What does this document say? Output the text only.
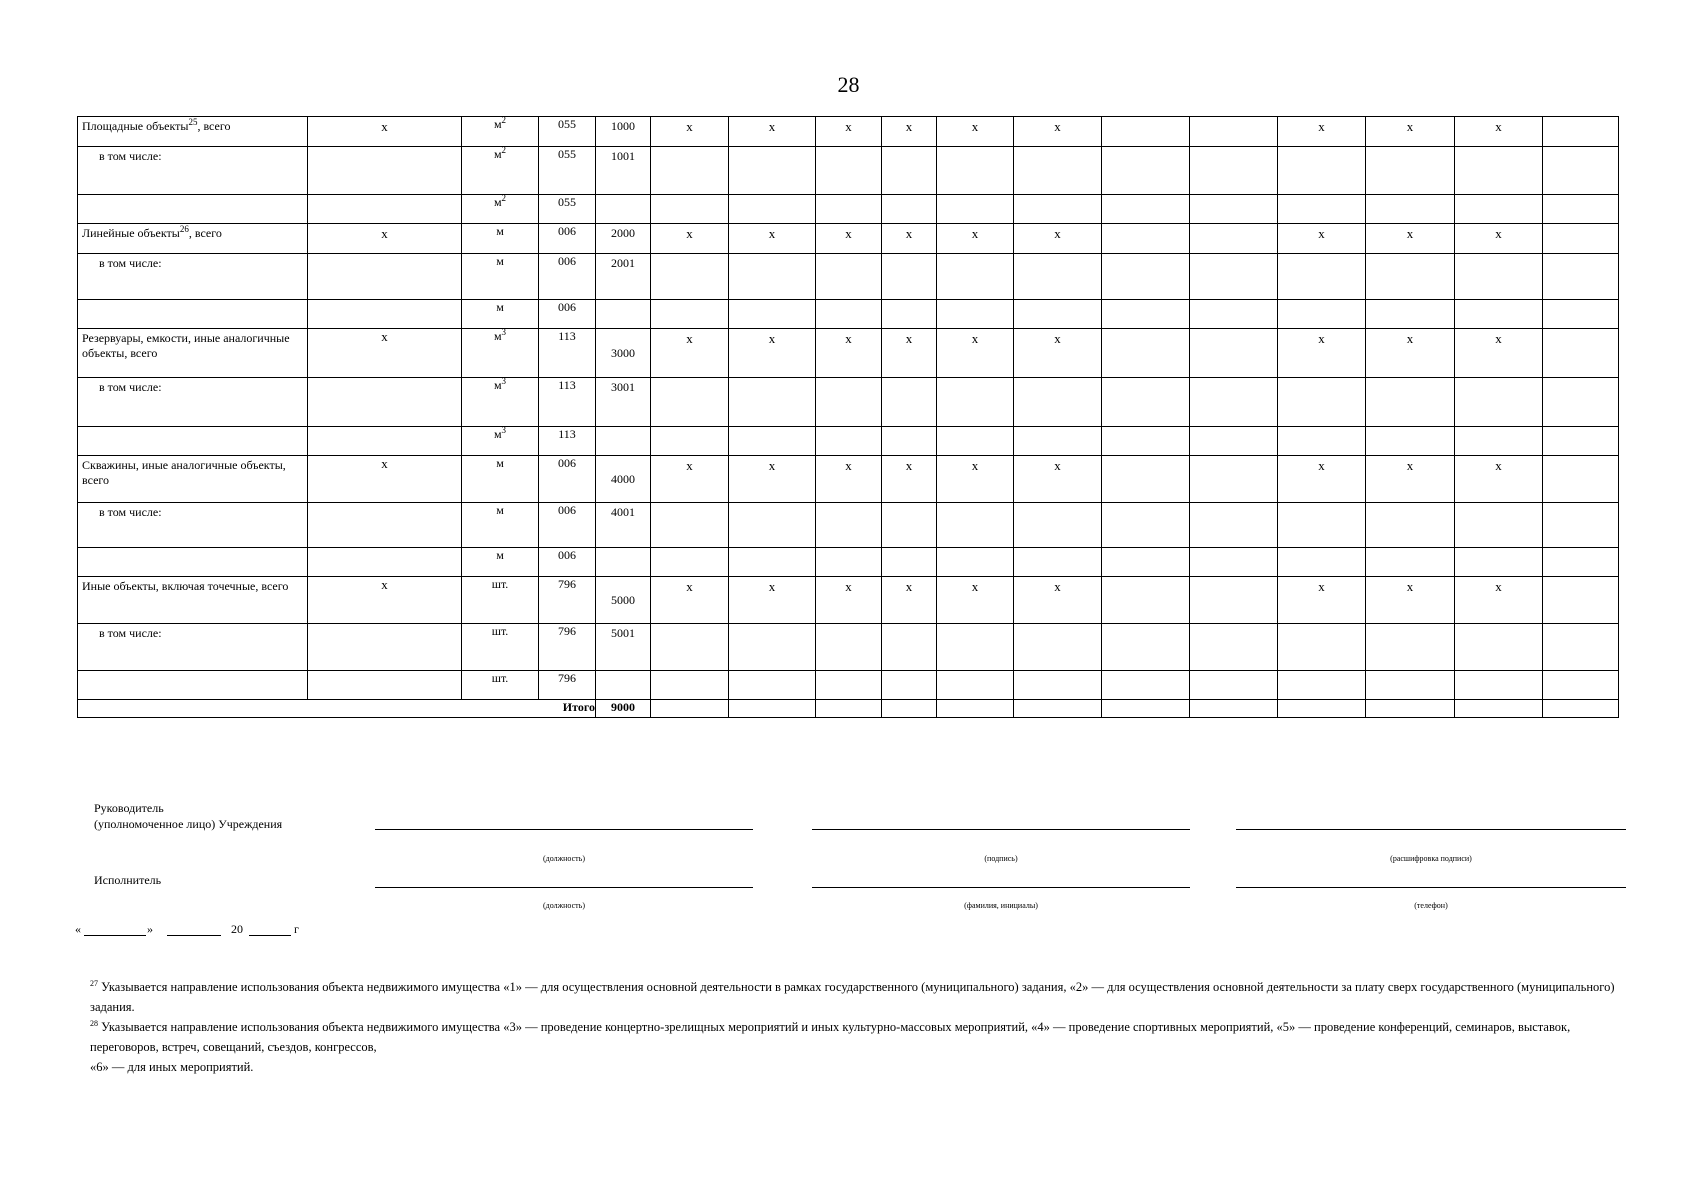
28
Площадные объекты$^{25}$, всего	х	$м^2$	055	1000	х	х	х	х	х	х			х	х	х	

в том числе:		$м^2$	055	1001												

		$м^2$	055													

Линейные объекты$^{26}$, всего	х	м	006	2000	х	х	х	х	х	х			х	х	х	

в том числе:		м	006	2001												

		м	006													

Резервуары, емкости, иные аналогичные объекты, всего	х	$м^3$	113	3000	х	х	х	х	х	х			х	х	х	

в том числе:		$м^3$	113	3001												

		$м^3$	113													

Скважины, иные аналогичные объекты, всего	х	м	006	4000	х	х	х	х	х	х			х	х	х	

в том числе:		м	006	4001												

		м	006													

Иные объекты, включая точечные, всего	х	шт.	796	5000	х	х	х	х	х	х			х	х	х	

в том числе:		шт.	796	5001												

		шт.	796													

Итого				9000												
Руководитель
(уполномоченное лицо) Учреждения
(должность)	(подпись)	(расшифровка подписи)
Исполнитель
(должность)	(фамилия, инициалы)	(телефон)
«	»	20	г
$^{27}$ Указывается направление использования объекта недвижимого имущества «1» — для осуществления основной деятельности в рамках государственного (муниципального) задания, «2» — для осуществления основной деятельности за плату сверх государственного (муниципального) задания.
$^{28}$ Указывается направление использования объекта недвижимого имущества «3» — проведение концертно-зрелищных мероприятий и иных культурно-массовых мероприятий, «4» — проведение спортивных мероприятий, «5» — проведение конференций, семинаров, выставок, переговоров, встреч, совещаний, съездов, конгрессов,
«6» — для иных мероприятий.
